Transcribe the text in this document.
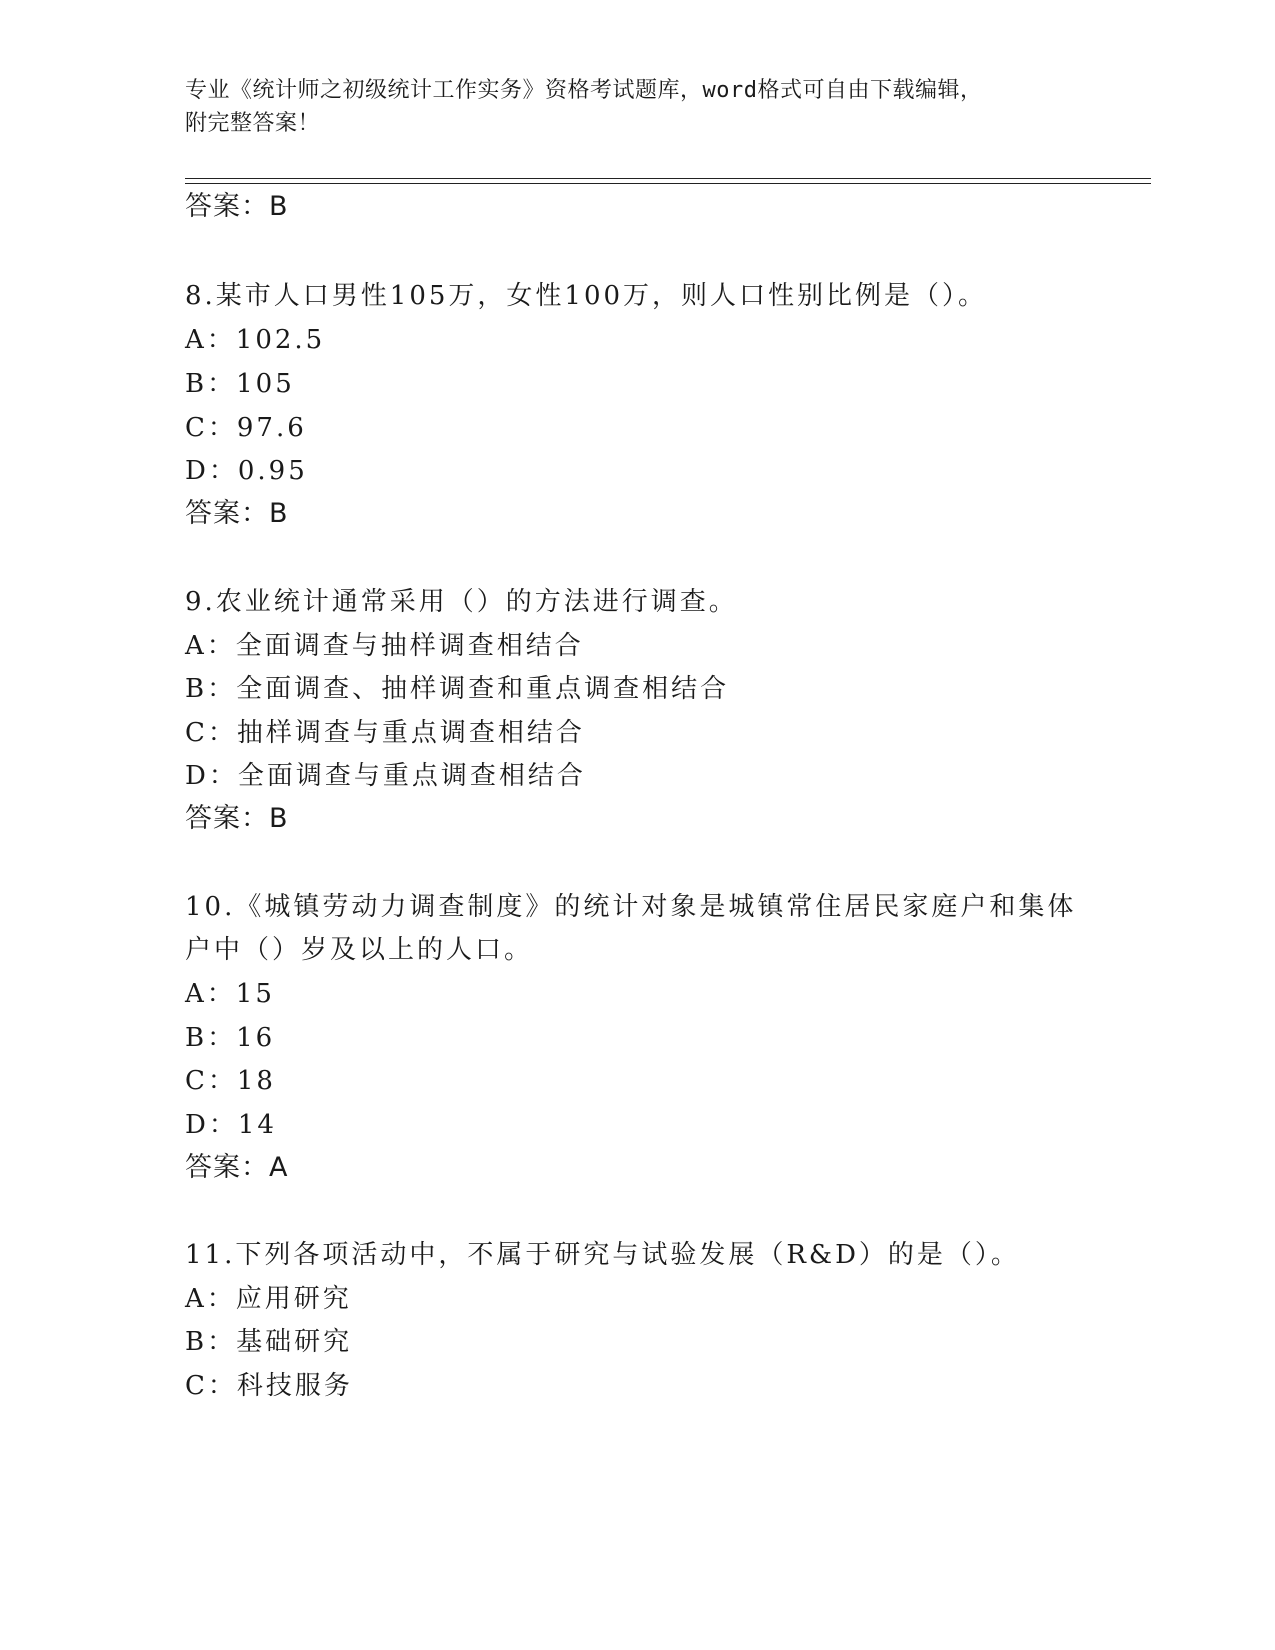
专业《统计师之初级统计工作实务》资格考试题库，word格式可自由下载编辑，
附完整答案！
答案：B
8.某市人口男性105万，女性100万，则人口性别比例是（）。
A：102.5
B：105
C：97.6
D：0.95
答案：B
9.农业统计通常采用（）的方法进行调查。
A：全面调查与抽样调查相结合
B：全面调查、抽样调查和重点调查相结合
C：抽样调查与重点调查相结合
D：全面调查与重点调查相结合
答案：B
10.《城镇劳动力调查制度》的统计对象是城镇常住居民家庭户和集体
户中（）岁及以上的人口。
A：15
B：16
C：18
D：14
答案：A
11.下列各项活动中，不属于研究与试验发展（R&D）的是（）。
A：应用研究
B：基础研究
C：科技服务
